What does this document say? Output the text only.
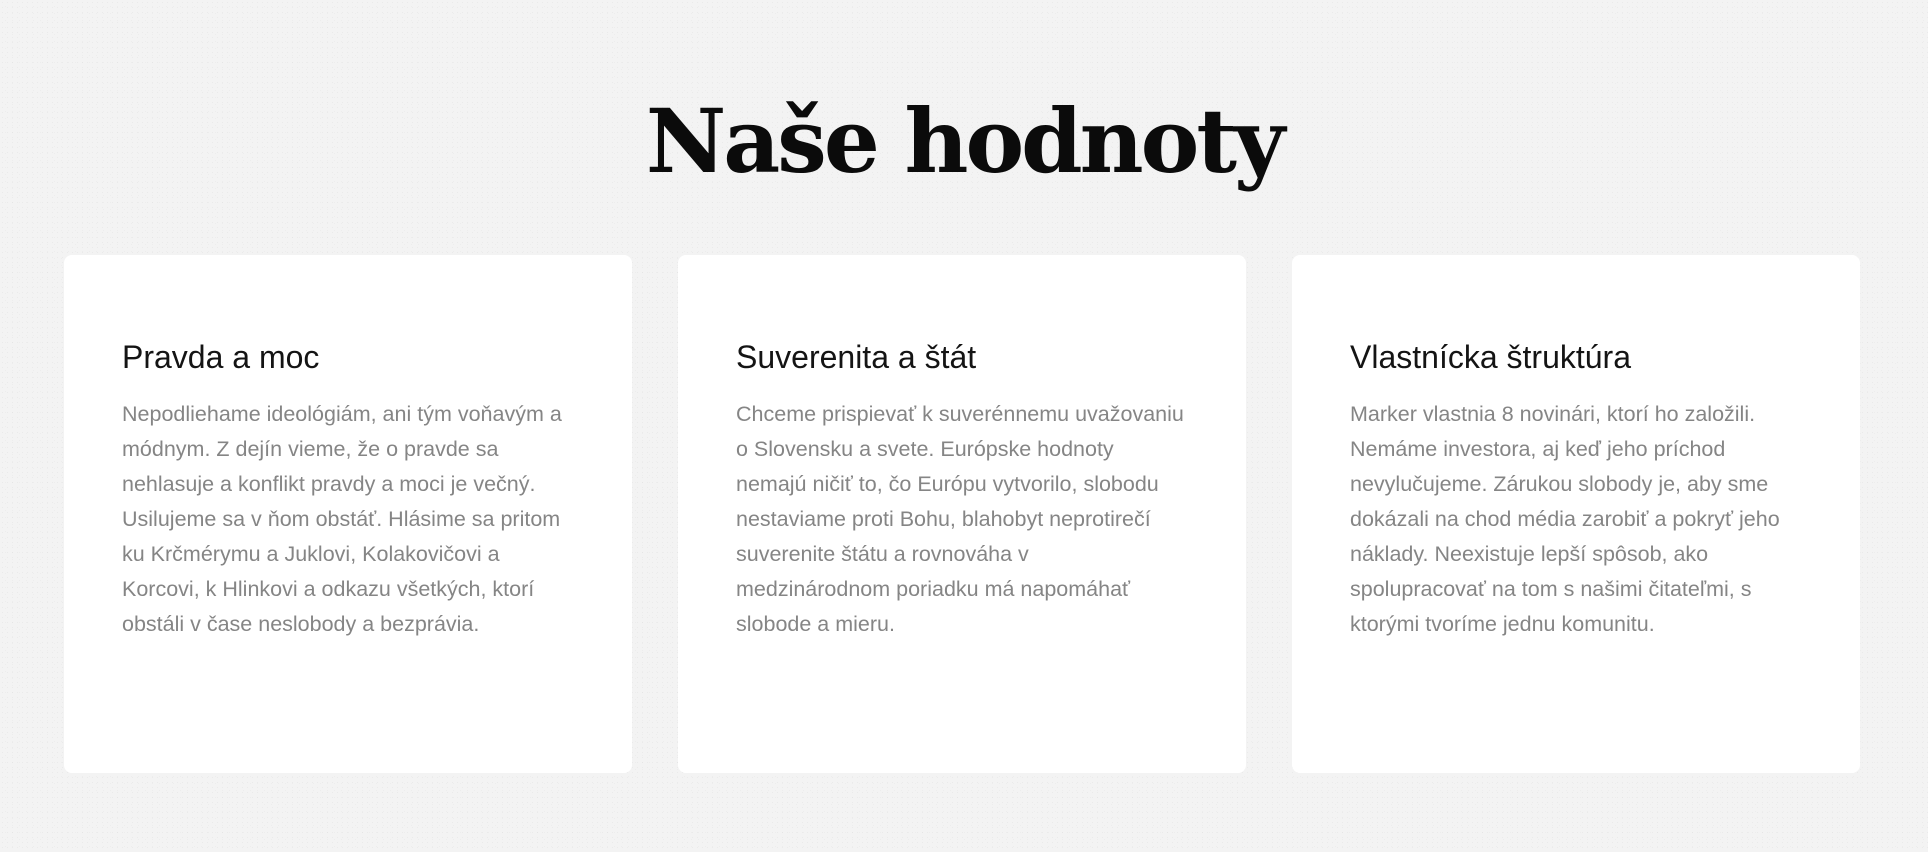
Naše hodnoty
Pravda a moc

Nepodliehame ideológiám, ani tým voňavým a módnym. Z dejín vieme, že o pravde sa nehlasuje a konflikt pravdy a moci je večný. Usilujeme sa v ňom obstáť. Hlásime sa pritom ku Krčmérymu a Juklovi, Kolakovičovi a Korcovi, k Hlinkovi a odkazu všetkých, ktorí obstáli v čase neslobody a bezprávia.

Suverenita a štát

Chceme prispievať k suverénnemu uvažovaniu o Slovensku a svete. Európske hodnoty nemajú ničiť to, čo Európu vytvorilo, slobodu nestaviame proti Bohu, blahobyt neprotirečí suverenite štátu a rovnováha v medzinárodnom poriadku má napomáhať slobode a mieru.

Vlastnícka štruktúra

Marker vlastnia 8 novinári, ktorí ho založili. Nemáme investora, aj keď jeho príchod nevylučujeme. Zárukou slobody je, aby sme dokázali na chod média zarobiť a pokryť jeho náklady. Neexistuje lepší spôsob, ako spolupracovať na tom s našimi čitateľmi, s ktorými tvoríme jednu komunitu.
